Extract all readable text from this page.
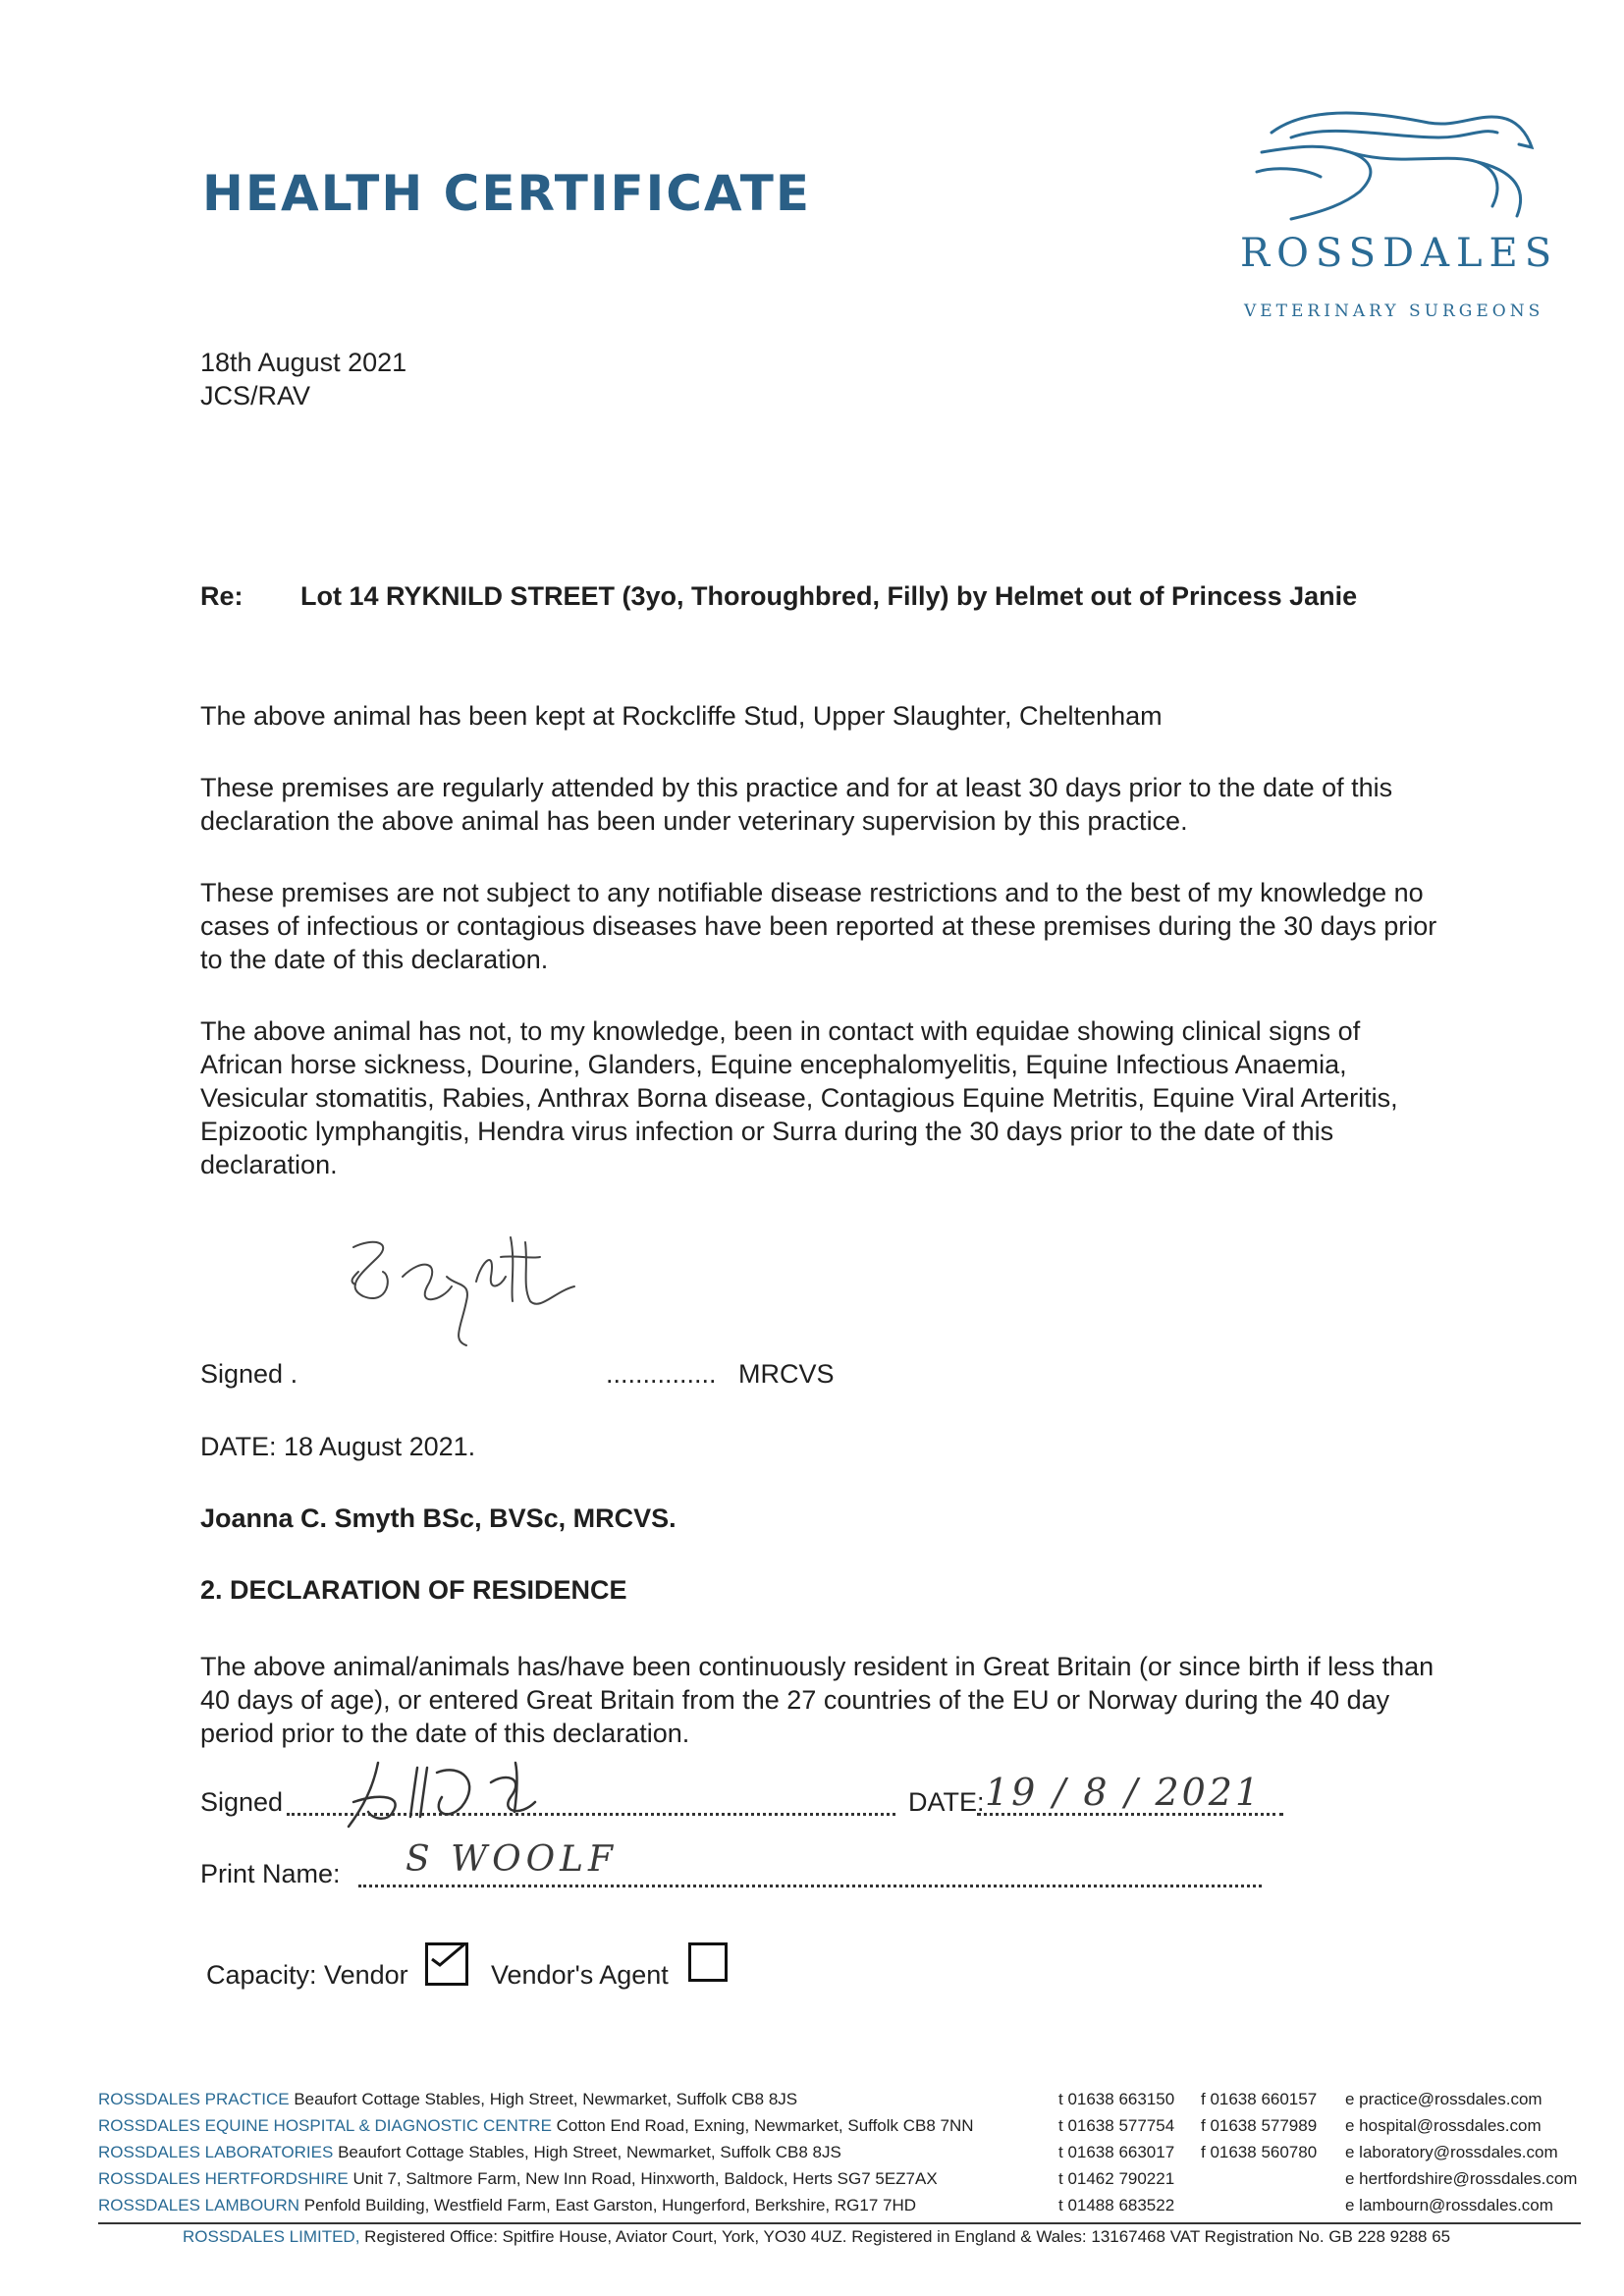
HEALTH CERTIFICATE
ROSSDALES
VETERINARY SURGEONS
18th August 2021
JCS/RAV
Re: Lot 14 RYKNILD STREET (3yo, Thoroughbred, Filly) by Helmet out of Princess Janie
The above animal has been kept at Rockcliffe Stud, Upper Slaughter, Cheltenham
These premises are regularly attended by this practice and for at least 30 days prior to the date of this
declaration the above animal has been under veterinary supervision by this practice.
These premises are not subject to any notifiable disease restrictions and to the best of my knowledge no
cases of infectious or contagious diseases have been reported at these premises during the 30 days prior
to the date of this declaration.
The above animal has not, to my knowledge, been in contact with equidae showing clinical signs of
African horse sickness, Dourine, Glanders, Equine encephalomyelitis, Equine Infectious Anaemia,
Vesicular stomatitis, Rabies, Anthrax Borna disease, Contagious Equine Metritis, Equine Viral Arteritis,
Epizootic lymphangitis, Hendra virus infection or Surra during the 30 days prior to the date of this
declaration.
Signed .	............... MRCVS
DATE: 18 August 2021.
Joanna C. Smyth BSc, BVSc, MRCVS.
2. DECLARATION OF RESIDENCE
The above animal/animals has/have been continuously resident in Great Britain (or since birth if less than
40 days of age), or entered Great Britain from the 27 countries of the EU or Norway during the 40 day
period prior to the date of this declaration.
Signed	DATE: 19 / 8 / 2021
Print Name: S WOOLF
Capacity: Vendor	Vendor's Agent
ROSSDALES PRACTICE Beaufort Cottage Stables, High Street, Newmarket, Suffolk CB8 8JS	t 01638 663150 f 01638 660157 e practice@rossdales.com
ROSSDALES EQUINE HOSPITAL & DIAGNOSTIC CENTRE Cotton End Road, Exning, Newmarket, Suffolk CB8 7NN	t 01638 577754 f 01638 577989 e hospital@rossdales.com
ROSSDALES LABORATORIES Beaufort Cottage Stables, High Street, Newmarket, Suffolk CB8 8JS	t 01638 663017 f 01638 560780 e laboratory@rossdales.com
ROSSDALES HERTFORDSHIRE Unit 7, Saltmore Farm, New Inn Road, Hinxworth, Baldock, Herts SG7 5EZ7AX	t 01462 790221	e hertfordshire@rossdales.com
ROSSDALES LAMBOURN Penfold Building, Westfield Farm, East Garston, Hungerford, Berkshire, RG17 7HD	t 01488 683522	e lambourn@rossdales.com
ROSSDALES LIMITED, Registered Office: Spitfire House, Aviator Court, York, YO30 4UZ. Registered in England & Wales: 13167468 VAT Registration No. GB 228 9288 65
